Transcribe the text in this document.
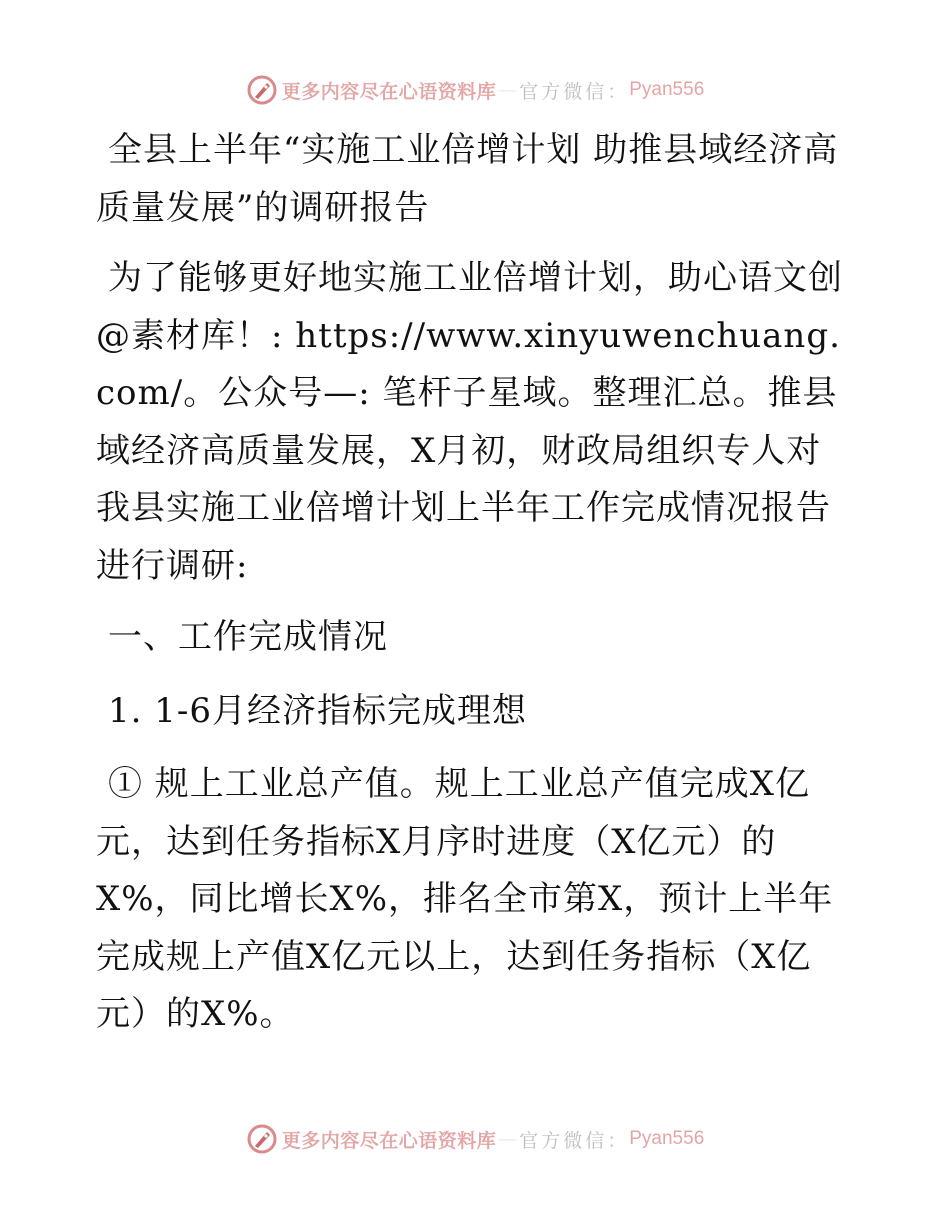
更多内容尽在心语资料库 — 官方微信： Pyan556

全县上半年“实施工业倍增计划 助推县域经济高质量发展”的调研报告

为了能够更好地实施工业倍增计划，助心语文创@素材库！: https://www.xinyuwenchuang.com/。公众号—: 笔杆子星域。整理汇总。推县域经济高质量发展，X月初，财政局组织专人对我县实施工业倍增计划上半年工作完成情况报告进行调研:

一、工作完成情况

1. 1-6月经济指标完成理想

① 规上工业总产值。规上工业总产值完成X亿元，达到任务指标X月序时进度（X亿元）的X%，同比增长X%，排名全市第X，预计上半年完成规上产值X亿元以上，达到任务指标（X亿元）的X%。

更多内容尽在心语资料库 — 官方微信： Pyan556
